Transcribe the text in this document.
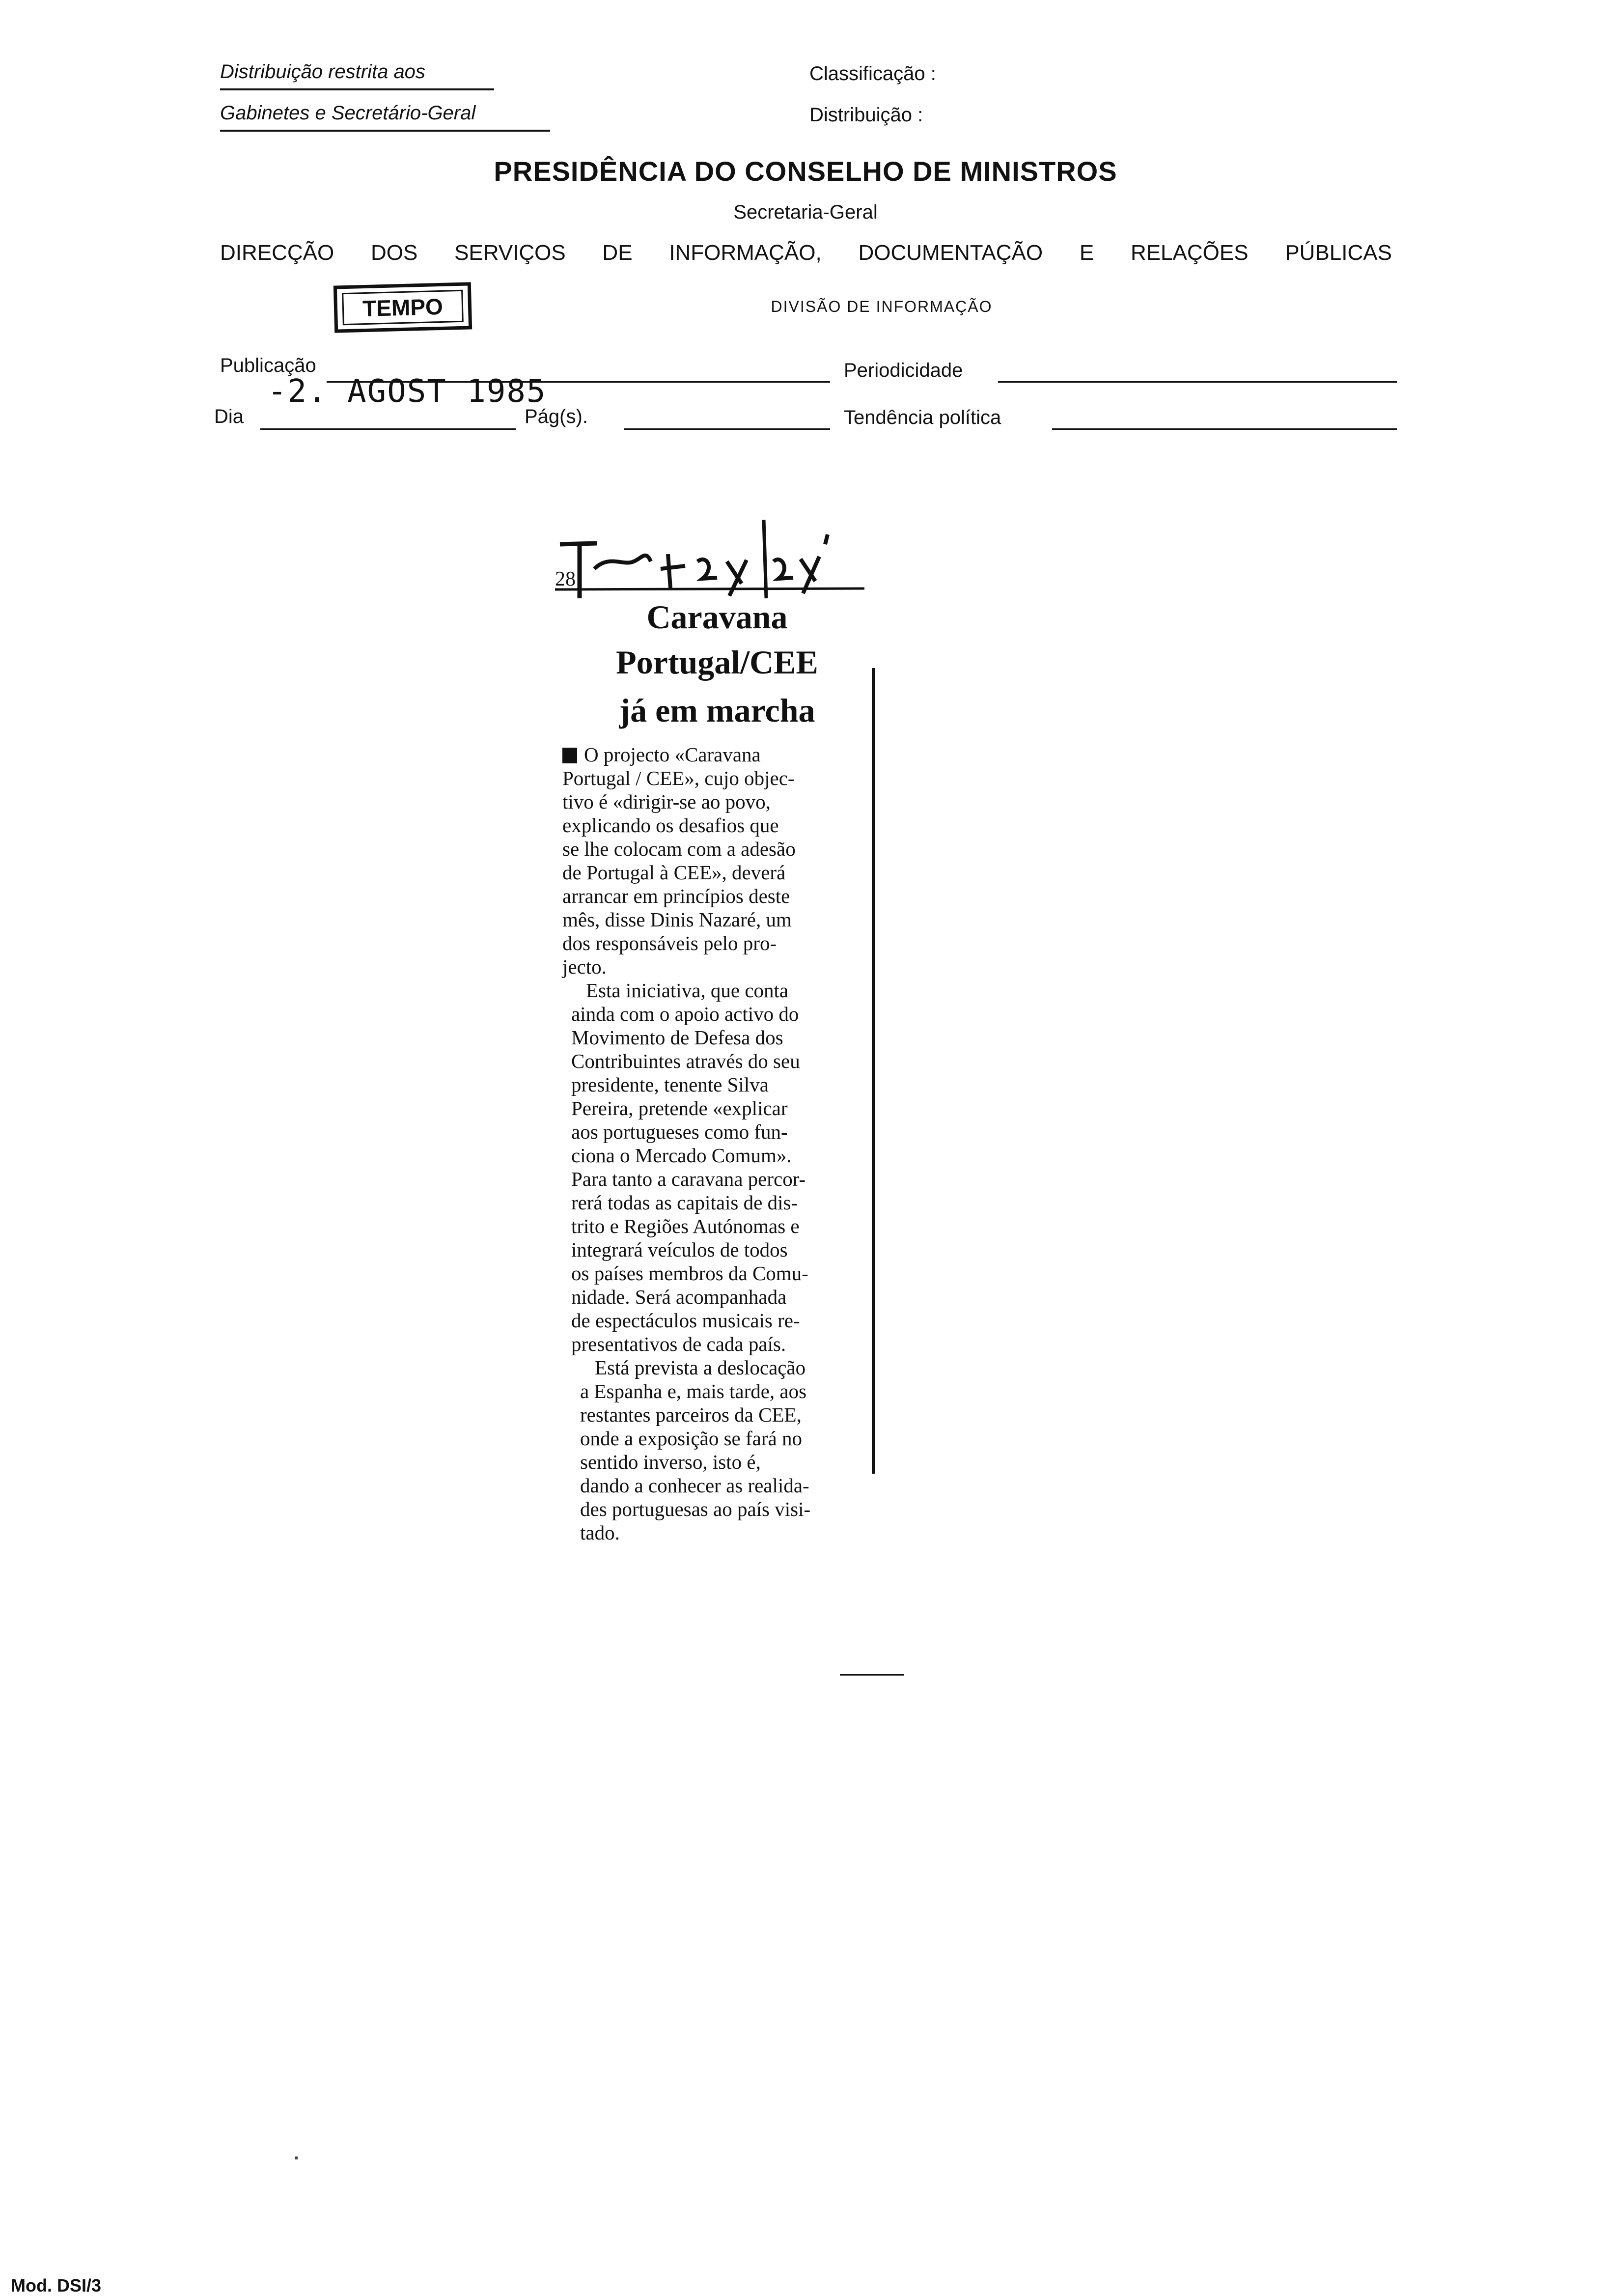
Distribuição restrita aos
Gabinetes e Secretário-Geral
Classificação :
Distribuição :
PRESIDÊNCIA DO CONSELHO DE MINISTROS
Secretaria-Geral
DIRECÇÃO DOS SERVIÇOS DE INFORMAÇÃO, DOCUMENTAÇÃO E RELAÇÕES PÚBLICAS
TEMPO	DIVISÃO DE INFORMAÇÃO
Publicação	Periodicidade
-2. AGOST 1985
Dia	Pág(s).	Tendência política
28
Caravana
Portugal/CEE
já em marcha
O projecto «Caravana
Portugal / CEE», cujo objec-
tivo é «dirigir-se ao povo,
explicando os desafios que
se lhe colocam com a adesão
de Portugal à CEE», deverá
arrancar em princípios deste
mês, disse Dinis Nazaré, um
dos responsáveis pelo pro-
jecto.
Esta iniciativa, que conta
ainda com o apoio activo do
Movimento de Defesa dos
Contribuintes através do seu
presidente, tenente Silva
Pereira, pretende «explicar
aos portugueses como fun-
ciona o Mercado Comum».
Para tanto a caravana percor-
rerá todas as capitais de dis-
trito e Regiões Autónomas e
integrará veículos de todos
os países membros da Comu-
nidade. Será acompanhada
de espectáculos musicais re-
presentativos de cada país.
Está prevista a deslocação
a Espanha e, mais tarde, aos
restantes parceiros da CEE,
onde a exposição se fará no
sentido inverso, isto é,
dando a conhecer as realida-
des portuguesas ao país visi-
tado.
Mod. DSI/3
